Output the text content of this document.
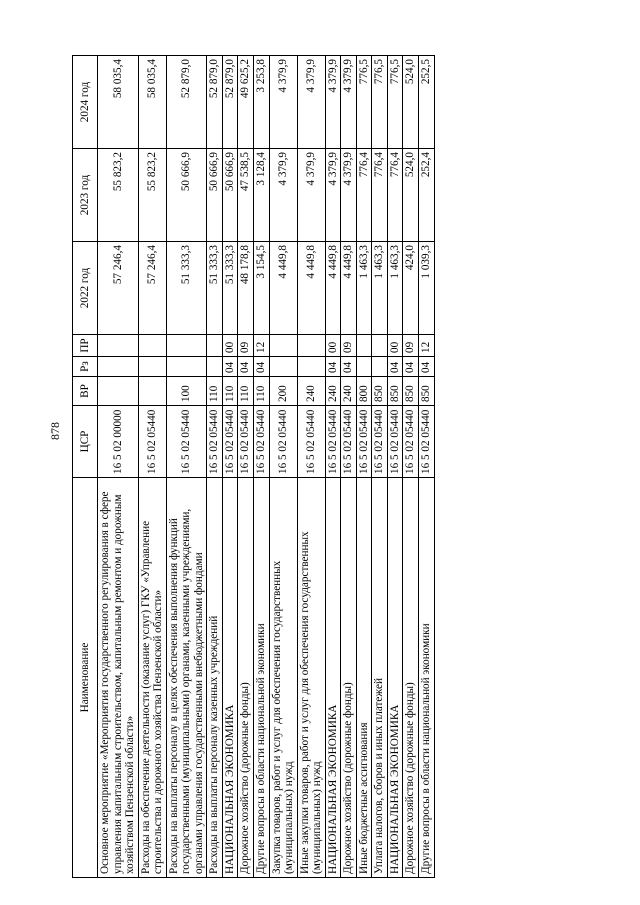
878
Наименование	ЦСР	ВР	Рз	ПР	2022 год	2023 год	2024 год
Основное мероприятие «Мероприятия государственного регулирования в сфере управления капитальным строительством, капитальным ремонтом и дорожным хозяйством Пензенской области»	16 5 02 00000				57 246,4	55 823,2	58 035,4
Расходы на обеспечение деятельности (оказание услуг) ГКУ «Управление строительства и дорожного хозяйства Пензенской области»	16 5 02 05440				57 246,4	55 823,2	58 035,4
Расходы на выплаты персоналу в целях обеспечения выполнения функций государственными (муниципальными) органами, казенными учреждениями, органами управления государственными внебюджетными фондами	16 5 02 05440	100			51 333,3	50 666,9	52 879,0
Расходы на выплаты персоналу казенных учреждений	16 5 02 05440	110			51 333,3	50 666,9	52 879,0
НАЦИОНАЛЬНАЯ ЭКОНОМИКА	16 5 02 05440	110	04	00	51 333,3	50 666,9	52 879,0
Дорожное хозяйство (дорожные фонды)	16 5 02 05440	110	04	09	48 178,8	47 538,5	49 625,2
Другие вопросы в области национальной экономики	16 5 02 05440	110	04	12	3 154,5	3 128,4	3 253,8
Закупка товаров, работ и услуг для обеспечения государственных (муниципальных) нужд	16 5 02 05440	200			4 449,8	4 379,9	4 379,9
Иные закупки товаров, работ и услуг для обеспечения государственных (муниципальных) нужд	16 5 02 05440	240			4 449,8	4 379,9	4 379,9
НАЦИОНАЛЬНАЯ ЭКОНОМИКА	16 5 02 05440	240	04	00	4 449,8	4 379,9	4 379,9
Дорожное хозяйство (дорожные фонды)	16 5 02 05440	240	04	09	4 449,8	4 379,9	4 379,9
Иные бюджетные ассигнования	16 5 02 05440	800			1 463,3	776,4	776,5
Уплата налогов, сборов и иных платежей	16 5 02 05440	850			1 463,3	776,4	776,5
НАЦИОНАЛЬНАЯ ЭКОНОМИКА	16 5 02 05440	850	04	00	1 463,3	776,4	776,5
Дорожное хозяйство (дорожные фонды)	16 5 02 05440	850	04	09	424,0	524,0	524,0
Другие вопросы в области национальной экономики	16 5 02 05440	850	04	12	1 039,3	252,4	252,5
